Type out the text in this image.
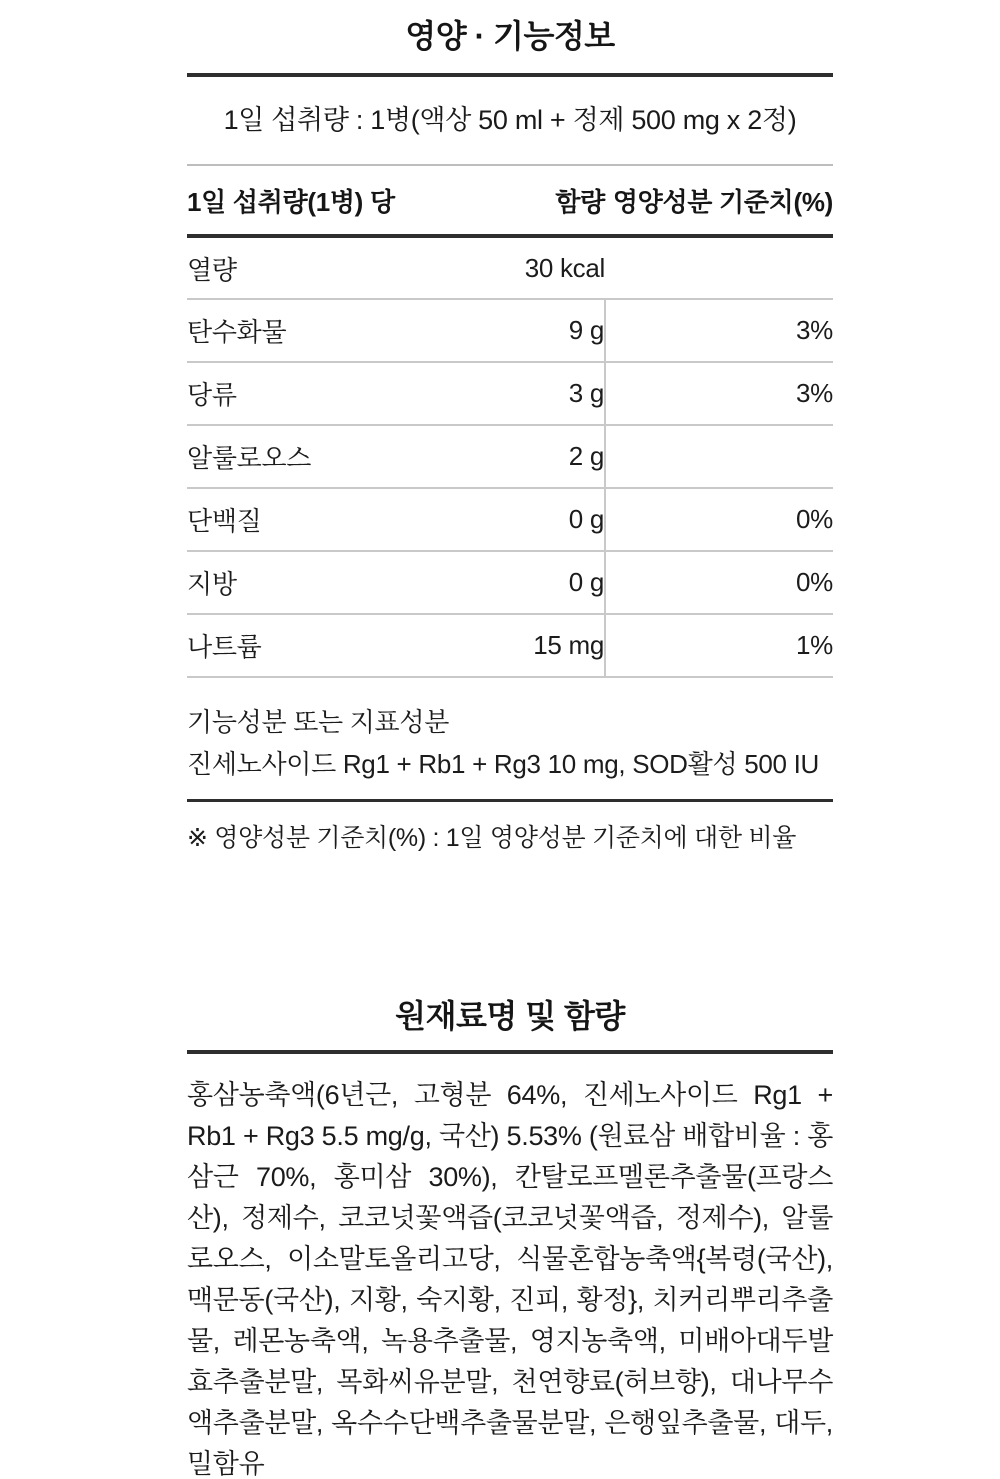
영양 · 기능정보
1일 섭취량 : 1병(액상 50 ml + 정제 500 mg x 2정)
1일 섭취량(1병) 당	함량	영양성분 기준치(%)
열량	30 kcal	
탄수화물	9 g	3%
당류	3 g	3%
알룰로오스	2 g	
단백질	0 g	0%
지방	0 g	0%
나트륨	15 mg	1%
기능성분 또는 지표성분
진세노사이드 Rg1 + Rb1 + Rg3 10 mg, SOD활성 500 IU
※ 영양성분 기준치(%) : 1일 영양성분 기준치에 대한 비율
원재료명 및 함량
홍삼농축액(6년근, 고형분 64%, 진세노사이드 Rg1 + Rb1 + Rg3 5.5 mg/g, 국산) 5.53% (원료삼 배합비율 : 홍삼근 70%, 홍미삼 30%), 칸탈로프멜론추출물(프랑스산), 정제수, 코코넛꽃액즙(코코넛꽃액즙, 정제수), 알룰로오스, 이소말토올리고당, 식물혼합농축액{복령(국산), 맥문동(국산), 지황, 숙지황, 진피, 황정}, 치커리뿌리추출물, 레몬농축액, 녹용추출물, 영지농축액, 미배아대두발효추출분말, 목화씨유분말, 천연향료(허브향), 대나무수액추출분말, 옥수수단백추출물분말, 은행잎추출물, 대두, 밀함유
